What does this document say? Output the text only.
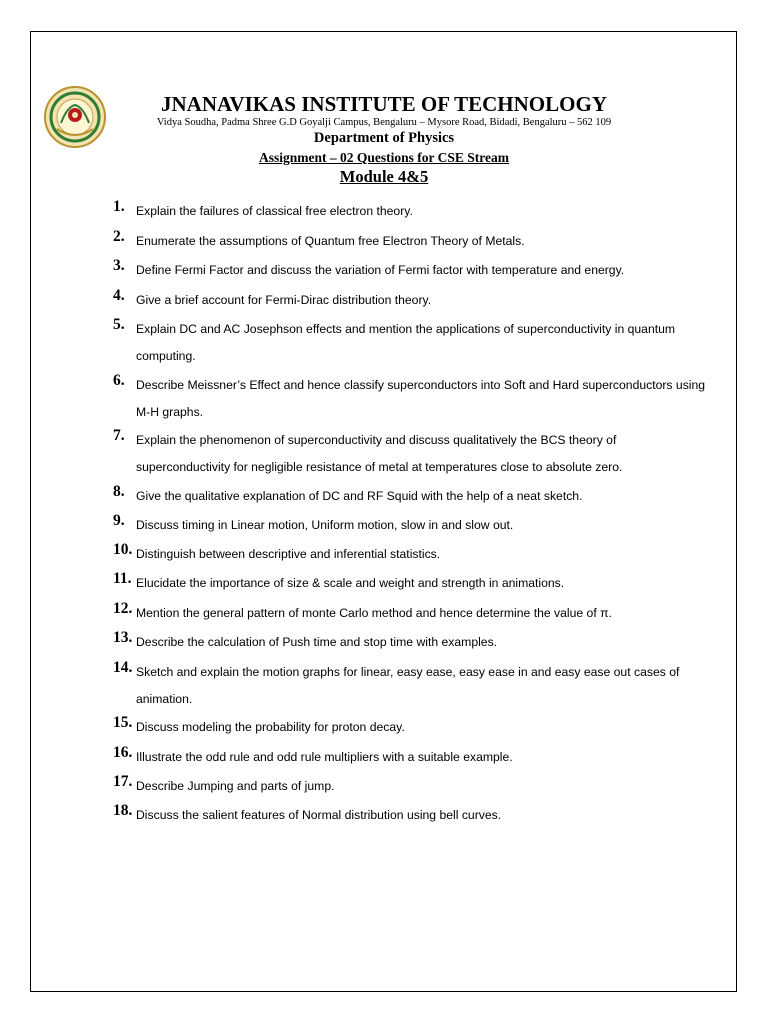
JNANAVIKAS INSTITUTE OF TECHNOLOGY
Vidya Soudha, Padma Shree G.D Goyalji Campus, Bengaluru – Mysore Road, Bidadi, Bengaluru – 562 109
Department of Physics
Assignment – 02 Questions for CSE Stream
Module 4&5
1. Explain the failures of classical free electron theory.
2. Enumerate the assumptions of Quantum free Electron Theory of Metals.
3. Define Fermi Factor and discuss the variation of Fermi factor with temperature and energy.
4. Give a brief account for Fermi-Dirac distribution theory.
5. Explain DC and AC Josephson effects and mention the applications of superconductivity in quantum computing.
6. Describe Meissner’s Effect and hence classify superconductors into Soft and Hard superconductors using M-H graphs.
7. Explain the phenomenon of superconductivity and discuss qualitatively the BCS theory of superconductivity for negligible resistance of metal at temperatures close to absolute zero.
8. Give the qualitative explanation of DC and RF Squid with the help of a neat sketch.
9. Discuss timing in Linear motion, Uniform motion, slow in and slow out.
10. Distinguish between descriptive and inferential statistics.
11. Elucidate the importance of size & scale and weight and strength in animations.
12. Mention the general pattern of monte Carlo method and hence determine the value of π.
13. Describe the calculation of Push time and stop time with examples.
14. Sketch and explain the motion graphs for linear, easy ease, easy ease in and easy ease out cases of animation.
15. Discuss modeling the probability for proton decay.
16. Illustrate the odd rule and odd rule multipliers with a suitable example.
17. Describe Jumping and parts of jump.
18. Discuss the salient features of Normal distribution using bell curves.
